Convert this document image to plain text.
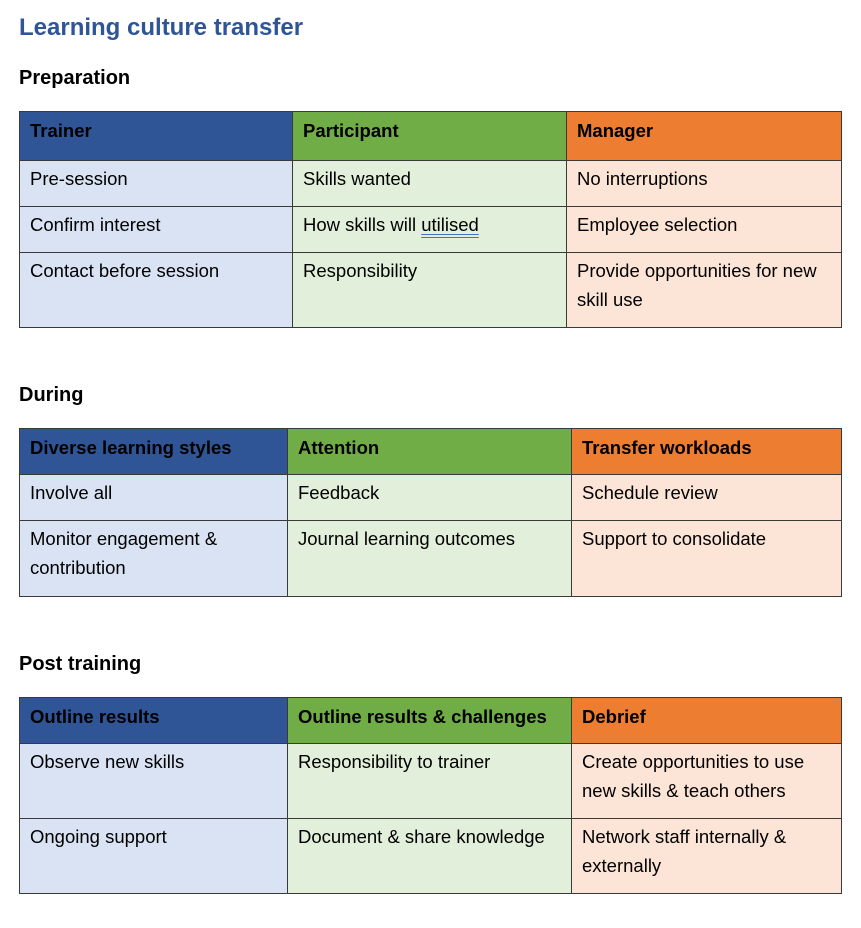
Learning culture transfer
Preparation
Trainer	Participant	Manager
Pre-session	Skills wanted	No interruptions
Confirm interest	How skills will utilised	Employee selection
Contact before session	Responsibility	Provide opportunities for new skill use
During
Diverse learning styles	Attention	Transfer workloads
Involve all	Feedback	Schedule review
Monitor engagement & contribution	Journal learning outcomes	Support to consolidate
Post training
Outline results	Outline results & challenges	Debrief
Observe new skills	Responsibility to trainer	Create opportunities to use new skills & teach others
Ongoing support	Document & share knowledge	Network staff internally & externally
